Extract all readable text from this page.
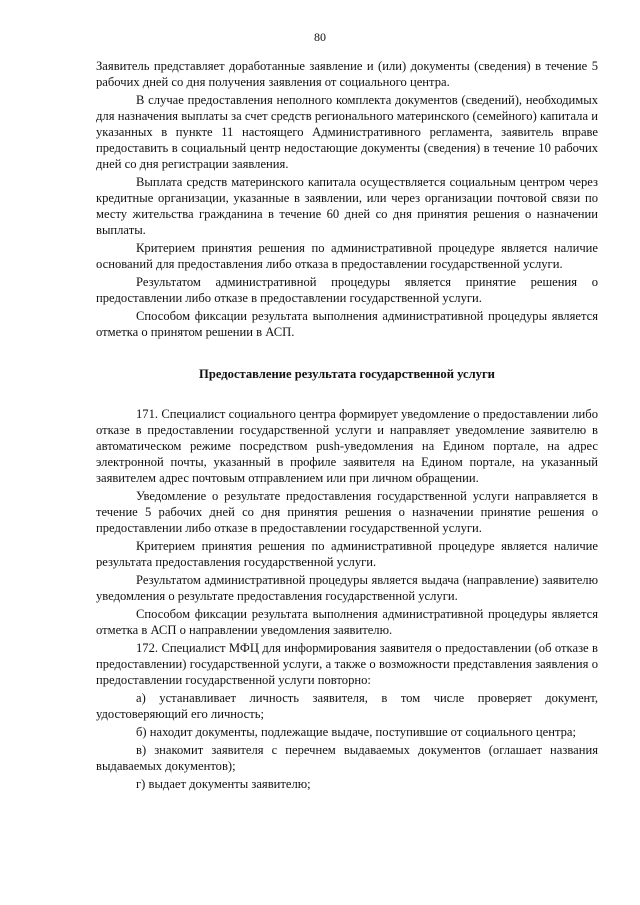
80

Заявитель представляет доработанные заявление и (или) документы (сведения) в течение 5 рабочих дней со дня получения заявления от социального центра.

В случае предоставления неполного комплекта документов (сведений), необходимых для назначения выплаты за счет средств регионального материнского (семейного) капитала и указанных в пункте 11 настоящего Административного регламента, заявитель вправе предоставить в социальный центр недостающие документы (сведения) в течение 10 рабочих дней со дня регистрации заявления.

Выплата средств материнского капитала осуществляется социальным центром через кредитные организации, указанные в заявлении, или через организации почтовой связи по месту жительства гражданина в течение 60 дней со дня принятия решения о назначении выплаты.

Критерием принятия решения по административной процедуре является наличие оснований для предоставления либо отказа в предоставлении государственной услуги.

Результатом административной процедуры является принятие решения о предоставлении либо отказе в предоставлении государственной услуги.

Способом фиксации результата выполнения административной процедуры является отметка о принятом решении в АСП.

Предоставление результата государственной услуги

171. Специалист социального центра формирует уведомление о предоставлении либо отказе в предоставлении государственной услуги и направляет уведомление заявителю в автоматическом режиме посредством push-уведомления на Едином портале, на адрес электронной почты, указанный в профиле заявителя на Едином портале, на указанный заявителем адрес почтовым отправлением или при личном обращении.

Уведомление о результате предоставления государственной услуги направляется в течение 5 рабочих дней со дня принятия решения о назначении принятие решения о предоставлении либо отказе в предоставлении государственной услуги.

Критерием принятия решения по административной процедуре является наличие результата предоставления государственной услуги.

Результатом административной процедуры является выдача (направление) заявителю уведомления о результате предоставления государственной услуги.

Способом фиксации результата выполнения административной процедуры является отметка в АСП о направлении уведомления заявителю.

172. Специалист МФЦ для информирования заявителя о предоставлении (об отказе в предоставлении) государственной услуги, а также о возможности представления заявления о предоставлении государственной услуги повторно:

а) устанавливает личность заявителя, в том числе проверяет документ, удостоверяющий его личность;

б) находит документы, подлежащие выдаче, поступившие от социального центра;

в) знакомит заявителя с перечнем выдаваемых документов (оглашает названия выдаваемых документов);

г) выдает документы заявителю;
